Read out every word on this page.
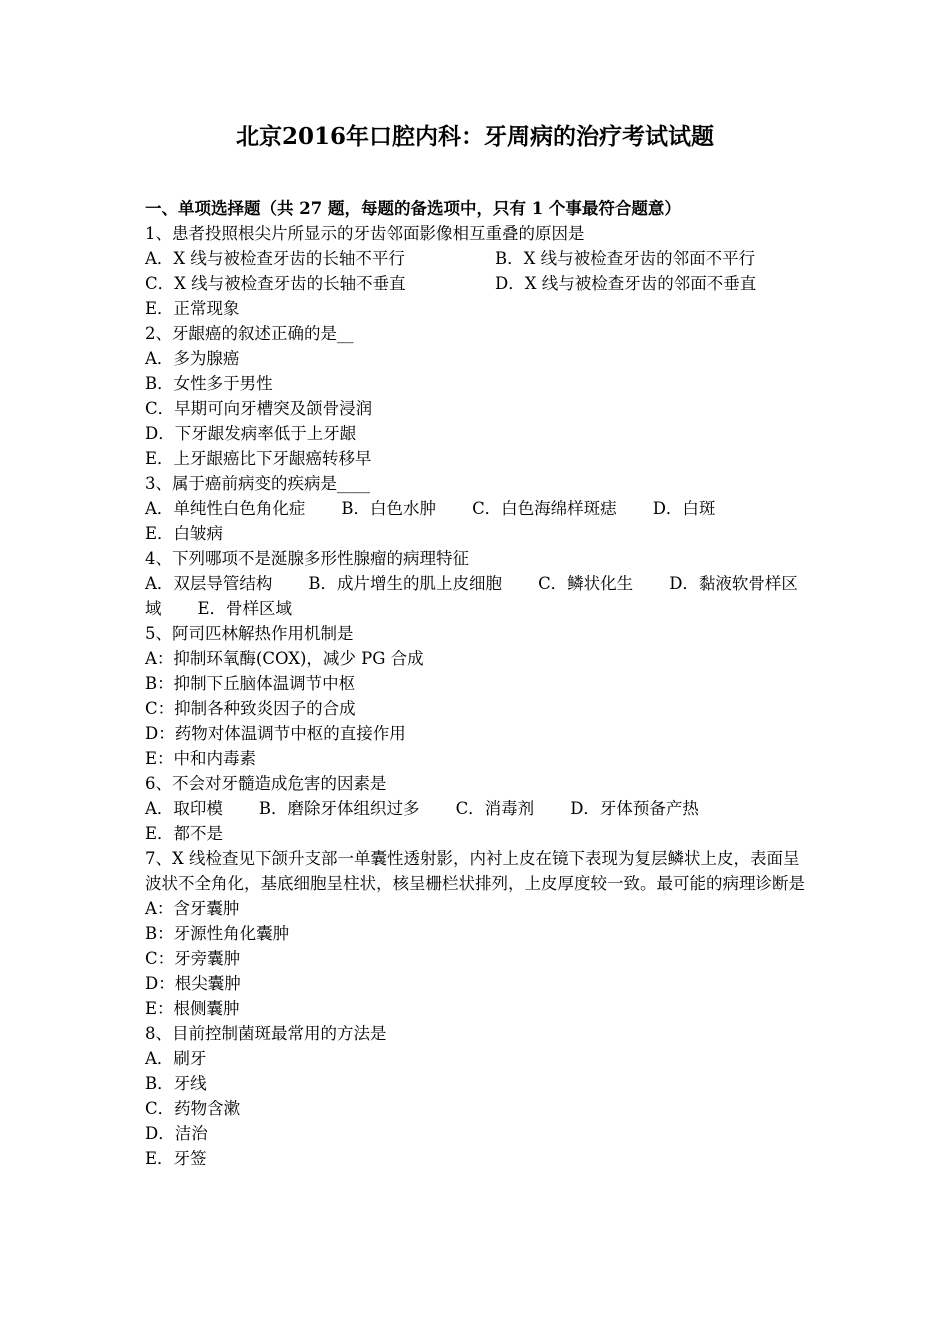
北京2016年口腔内科：牙周病的治疗考试试题
一、单项选择题（共 27 题，每题的备选项中，只有 1 个事最符合题意）
1、患者投照根尖片所显示的牙齿邻面影像相互重叠的原因是
A．X 线与被检查牙齿的长轴不平行	B．X 线与被检查牙齿的邻面不平行
C．X 线与被检查牙齿的长轴不垂直	D．X 线与被检查牙齿的邻面不垂直
E．正常现象
2、牙龈癌的叙述正确的是__
A．多为腺癌
B．女性多于男性
C．早期可向牙槽突及颌骨浸润
D．下牙龈发病率低于上牙龈
E．上牙龈癌比下牙龈癌转移早
3、属于癌前病变的疾病是____
A．单纯性白色角化症 B．白色水肿 C．白色海绵样斑痣 D．白斑
E．白皱病
4、下列哪项不是涎腺多形性腺瘤的病理特征
A．双层导管结构 B．成片增生的肌上皮细胞 C．鳞状化生 D．黏液软骨样区域 E．骨样区域
5、阿司匹林解热作用机制是
A：抑制环氧酶(COX)，减少 PG 合成
B：抑制下丘脑体温调节中枢
C：抑制各种致炎因子的合成
D：药物对体温调节中枢的直接作用
E：中和内毒素
6、不会对牙髓造成危害的因素是
A．取印模 B．磨除牙体组织过多 C．消毒剂 D．牙体预备产热
E．都不是
7、X 线检查见下颌升支部一单囊性透射影，内衬上皮在镜下表现为复层鳞状上皮，表面呈波状不全角化，基底细胞呈柱状，核呈栅栏状排列，上皮厚度较一致。最可能的病理诊断是
A：含牙囊肿
B：牙源性角化囊肿
C：牙旁囊肿
D：根尖囊肿
E：根侧囊肿
8、目前控制菌斑最常用的方法是
A．刷牙
B．牙线
C．药物含漱
D．洁治
E．牙签
